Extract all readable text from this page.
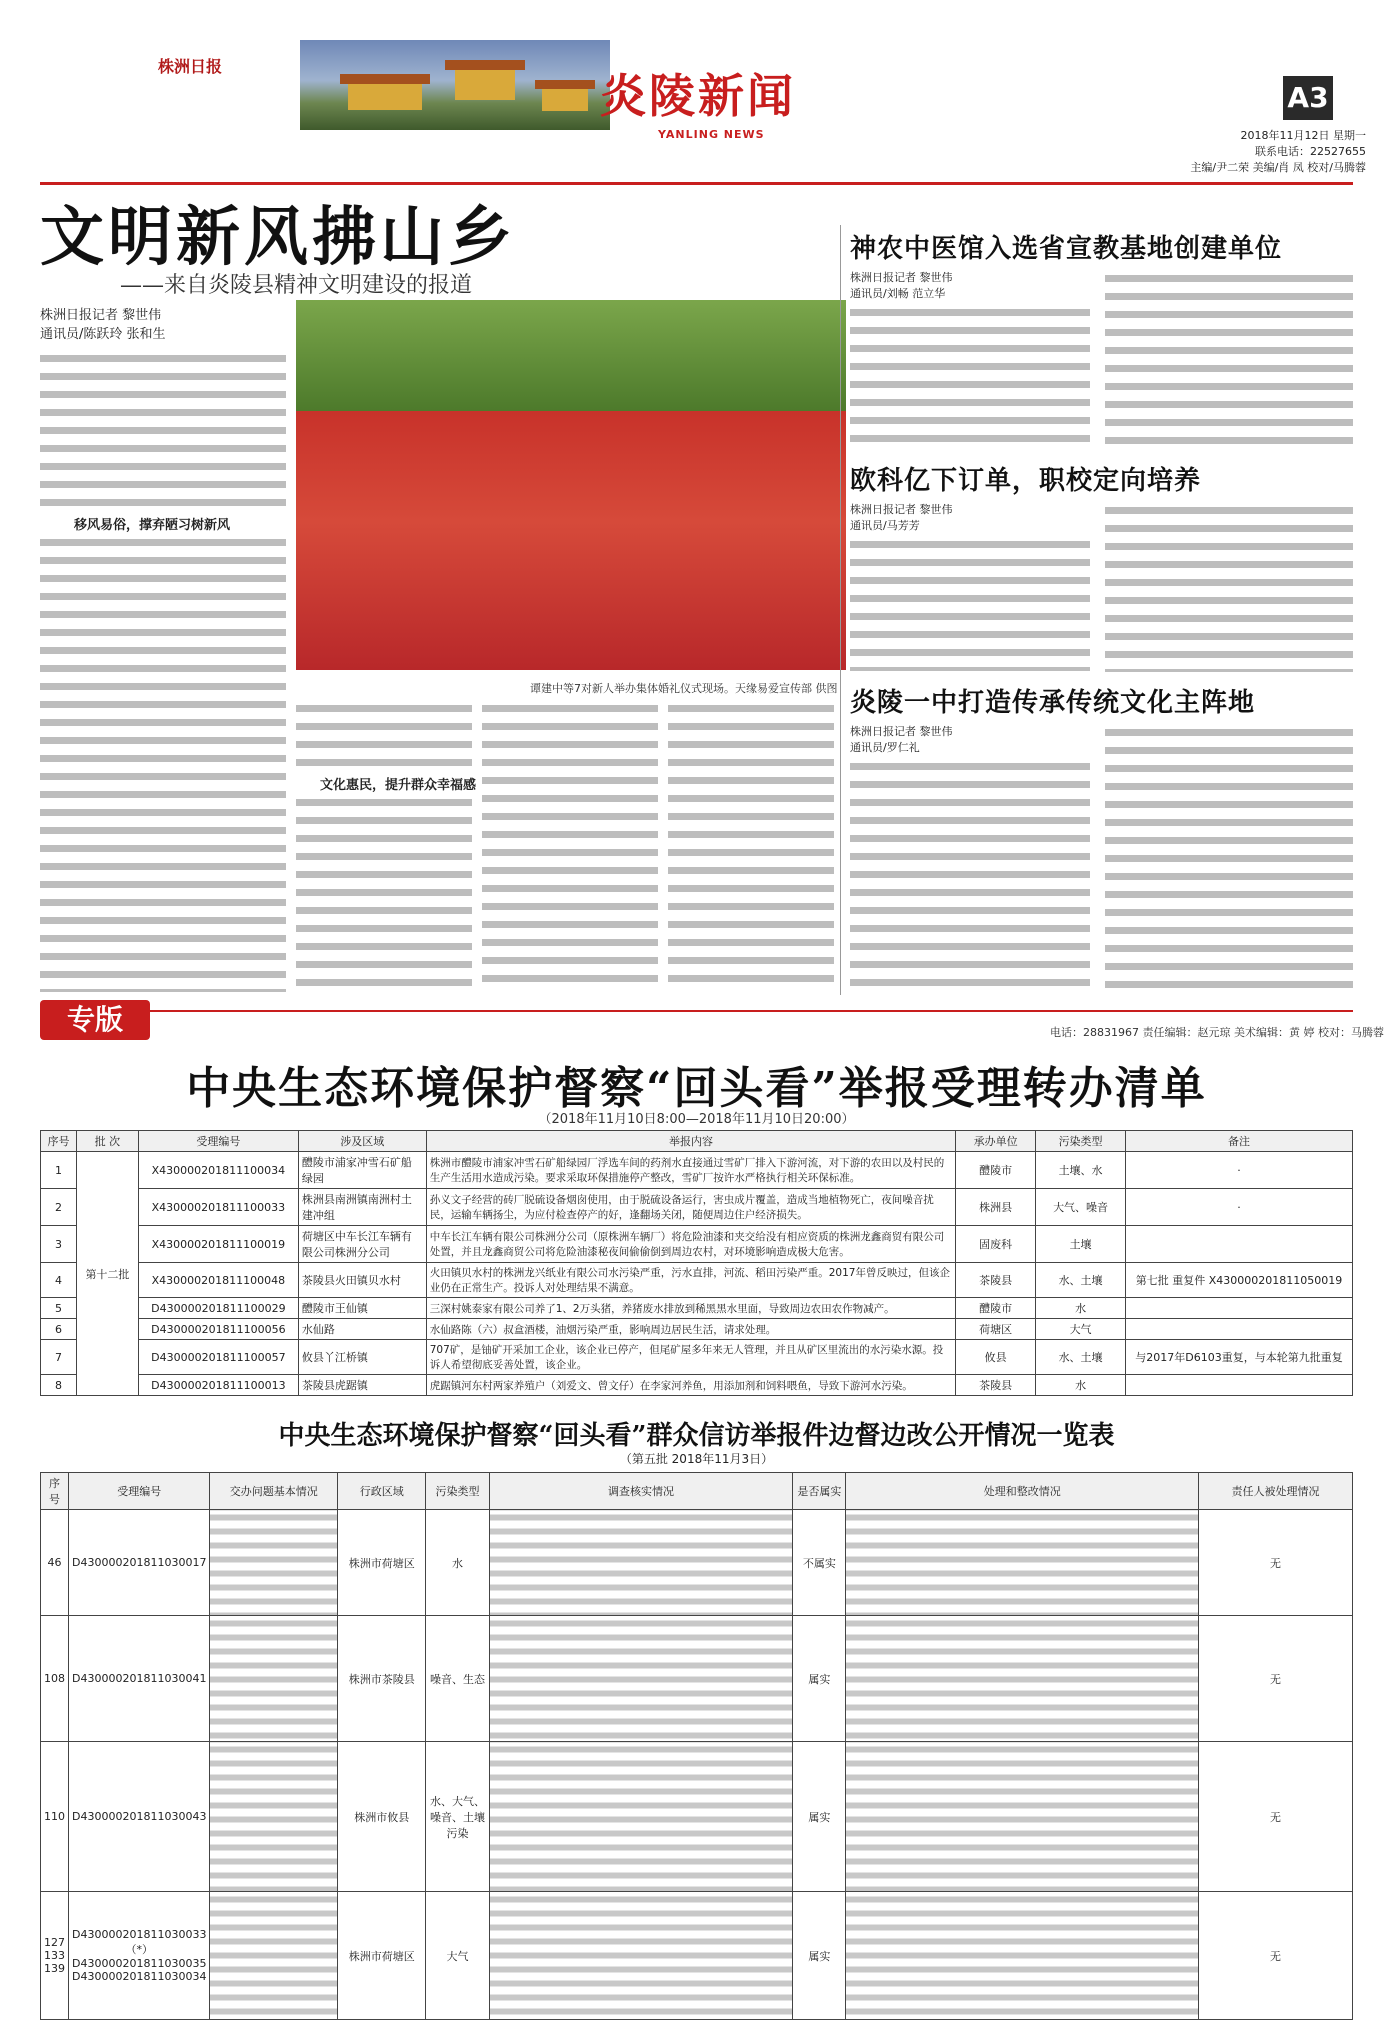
株洲日报
炎陵新闻
YANLING NEWS
A3
2018年11月12日 星期一
联系电话：22527655
主编/尹二荣 美编/肖 凤 校对/马腾蓉
文明新风拂山乡
——来自炎陵县精神文明建设的报道
株洲日报记者 黎世伟
通讯员/陈跃玲 张和生
移风易俗，撑弃陋习树新风
谭建中等7对新人举办集体婚礼仪式现场。天缘易爱宣传部 供图
文化惠民，提升群众幸福感
神农中医馆入选省宣教基地创建单位
株洲日报记者 黎世伟
通讯员/刘畅 范立华
欧科亿下订单，职校定向培养
株洲日报记者 黎世伟
通讯员/马芳芳
炎陵一中打造传承传统文化主阵地
株洲日报记者 黎世伟
通讯员/罗仁礼
专版	电话：28831967 责任编辑：赵元琼 美术编辑：黄 婷 校对：马腾蓉
中央生态环境保护督察“回头看”举报受理转办清单
（2018年11月10日8:00—2018年11月10日20:00）
序号	批 次	受理编号	涉及区域	举报内容	承办单位	污染类型	备注
1	第十二批	X430000201811100034	醴陵市浦家冲雪石矿船绿园	株洲市醴陵市浦家冲雪石矿船绿园厂浮选车间的药剂水直接通过雪矿厂排入下游河流，对下游的农田以及村民的生产生活用水造成污染。要求采取环保措施停产整改，雪矿厂按许水严格执行相关环保标准。	醴陵市	土壤、水	·
2		X430000201811100033	株洲县南洲镇南洲村土建冲组	孙义文子经营的砖厂脱硫设备烟囱使用，由于脱硫设备运行，害虫成片覆盖，造成当地植物死亡，夜间噪音扰民，运输车辆扬尘，为应付检查停产的好，逢翻场关闭，随便周边住户经济损失。	株洲县	大气、噪音	·
3		X430000201811100019	荷塘区中车长江车辆有限公司株洲分公司	中车长江车辆有限公司株洲分公司（原株洲车辆厂）将危险油漆和夹交给没有相应资质的株洲龙鑫商贸有限公司处置，并且龙鑫商贸公司将危险油漆秘夜间偷偷倒到周边农村，对环境影响造成极大危害。	固废科	土壤	
4		X430000201811100048	茶陵县火田镇贝水村	火田镇贝水村的株洲龙兴纸业有限公司水污染严重，污水直排，河流、稻田污染严重。2017年曾反映过，但该企业仍在正常生产。投诉人对处理结果不满意。	茶陵县	水、土壤	第七批 重复件 X430000201811050019
5		D430000201811100029	醴陵市王仙镇	三深村姚泰家有限公司养了1、2万头猪，养猪废水排放到稀黑黑水里面，导致周边农田农作物减产。	醴陵市	水	
6		D430000201811100056	水仙路	水仙路陈（六）叔盒酒楼，油烟污染严重，影响周边居民生活，请求处理。	荷塘区	大气	
7		D430000201811100057	攸县丫江桥镇	707矿，是铀矿开采加工企业，该企业已停产，但尾矿屋多年来无人管理，并且从矿区里流出的水污染水源。投诉人希望彻底妥善处置，该企业。	攸县	水、土壤	与2017年D6103重复，与本轮第九批重复
8		D430000201811100013	茶陵县虎踞镇	虎踞镇河东村两家养殖户（刘爱文、曾文仔）在李家河养鱼，用添加剂和饲料喂鱼，导致下游河水污染。	茶陵县	水	
中央生态环境保护督察“回头看”群众信访举报件边督边改公开情况一览表
（第五批 2018年11月3日）
序号	受理编号	交办问题基本情况	行政区域	污染类型	调查核实情况	是否属实	处理和整改情况	责任人被处理情况
46	D430000201811030017		株洲市荷塘区	水		不属实		无
108	D430000201811030041		株洲市茶陵县	噪音、生态		属实		无
110	D430000201811030043		株洲市攸县	水、大气、噪音、土壤污染		属实		无
127 133 139	D430000201811030033（*）
D430000201811030035
D430000201811030034		株洲市荷塘区	大气		属实		无
